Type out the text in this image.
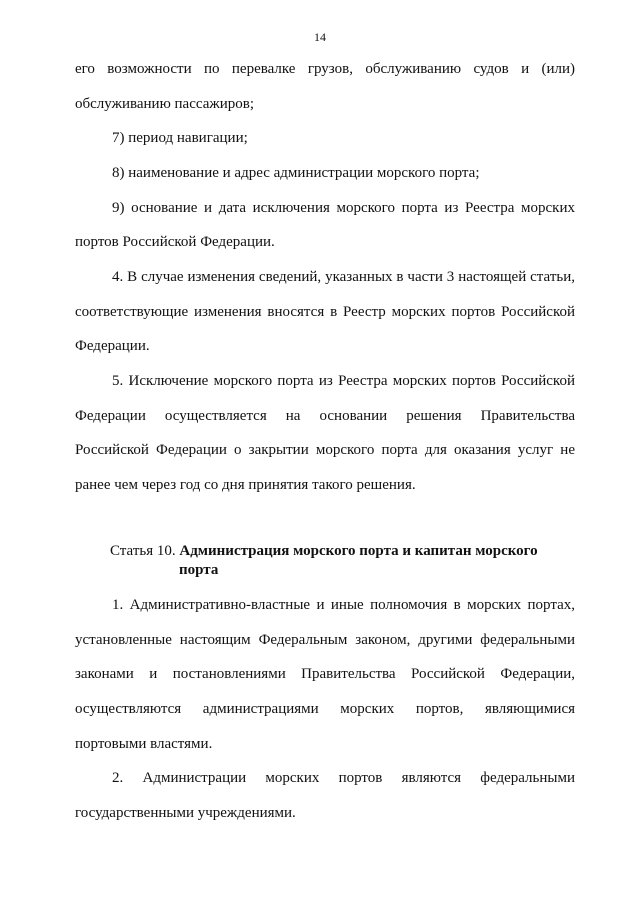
14
его возможности по перевалке грузов, обслуживанию судов и (или)
обслуживанию пассажиров;
7) период навигации;
8) наименование и адрес администрации морского порта;
9) основание и дата исключения морского порта из Реестра морских
портов Российской Федерации.
4. В случае изменения сведений, указанных в части 3 настоящей статьи,
соответствующие изменения вносятся в Реестр морских портов Российской
Федерации.
5. Исключение морского порта из Реестра морских портов Российской
Федерации осуществляется на основании решения Правительства
Российской Федерации о закрытии морского порта для оказания услуг не
ранее чем через год со дня принятия такого решения.
Статья 10. Администрация морского порта и капитан морского
порта
1. Административно-властные и иные полномочия в морских портах,
установленные настоящим Федеральным законом, другими федеральными
законами и постановлениями Правительства Российской Федерации,
осуществляются администрациями морских портов, являющимися
портовыми властями.
2. Администрации морских портов являются федеральными
государственными учреждениями.
